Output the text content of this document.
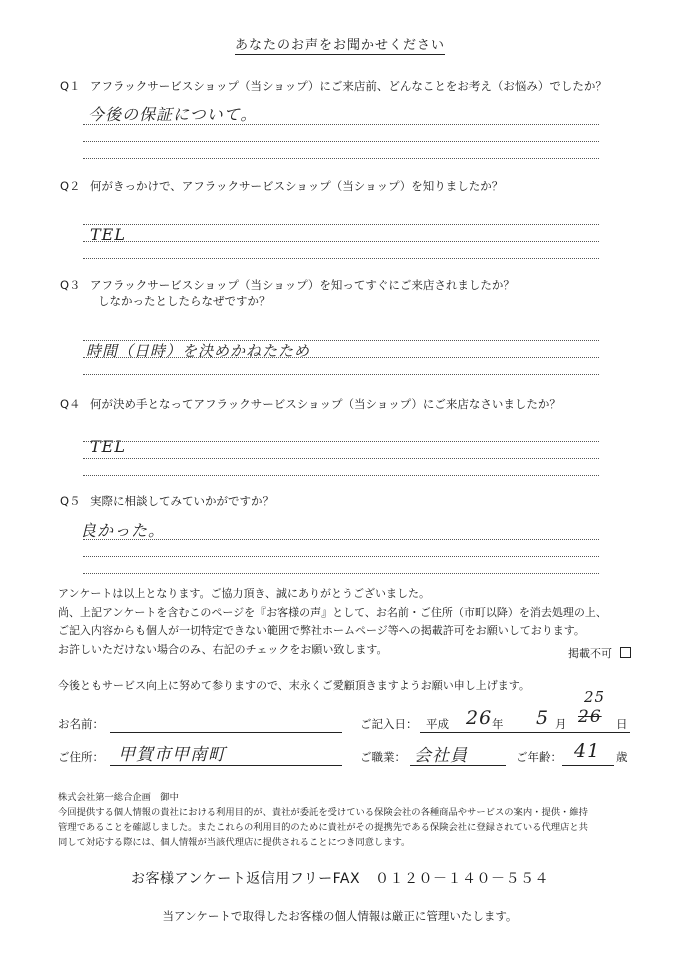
あなたのお声をお聞かせください
Q１ アフラックサービスショップ（当ショップ）にご来店前、どんなことをお考え（お悩み）でしたか？
今後の保証について。
Q２ 何がきっかけで、アフラックサービスショップ（当ショップ）を知りましたか？
TEL
Q３ アフラックサービスショップ（当ショップ）を知ってすぐにご来店されましたか？
しなかったとしたらなぜですか？
時間（日時）を決めかねたため
Q４ 何が決め手となってアフラックサービスショップ（当ショップ）にご来店なさいましたか？
TEL
Q５ 実際に相談してみていかがですか？
良かった。
アンケートは以上となります。ご協力頂き、誠にありがとうございました。
尚、上記アンケートを含むこのページを『お客様の声』として、お名前・ご住所（市町以降）を消去処理の上、
ご記入内容からも個人が一切特定できない範囲で弊社ホームページ等への掲載許可をお願いしております。
お許しいただけない場合のみ、右記のチェックをお願い致します。	掲載不可
今後ともサービス向上に努めて参りますので、末永くご愛顧頂きますようお願い申し上げます。
お名前：	ご記入日： 平成 26 年 5 月
25
26 日
ご住所： 甲賀市甲南町	ご職業： 会社員	ご年齢： 41 歳
株式会社第一総合企画　御中
今回提供する個人情報の貴社における利用目的が、貴社が委託を受けている保険会社の各種商品やサービスの案内・提供・維持
管理であることを確認しました。またこれらの利用目的のために貴社がその提携先である保険会社に登録されている代理店と共
同して対応する際には、個人情報が当該代理店に提供されることにつき同意します。
お客様アンケート返信用フリーFAX ０１２０－１４０－５５４
当アンケートで取得したお客様の個人情報は厳正に管理いたします。
